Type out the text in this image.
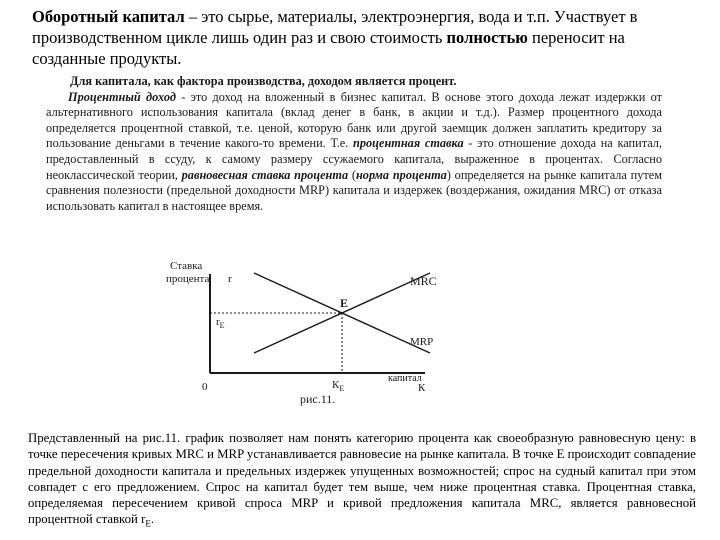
Оборотный капитал – это сырье, материалы, электроэнергия, вода и т.п. Участвует в производственном цикле лишь один раз и свою стоимость полностью переносит на созданные продукты.
Для капитала, как фактора производства, доходом является процент.
Процентный доход - это доход на вложенный в бизнес капитал. В основе этого дохода лежат издержки от альтернативного использования капитала (вклад денег в банк, в акции и т.д.). Размер процентного дохода определяется процентной ставкой, т.е. ценой, которую банк или другой заемщик должен заплатить кредитору за пользование деньгами в течение какого-то времени. Т.е. процентная ставка - это отношение дохода на капитал, предоставленный в ссуду, к самому размеру ссужаемого капитала, выраженное в процентах. Согласно неоклассической теории, равновесная ставка процента (норма процента) определяется на рынке капитала путем сравнения полезности (предельной доходности MRP) капитала и издержек (воздержания, ожидания MRC) от отказа использовать капитал в настоящее время.
Ставка
процента r
0
капитал
К
MRC
MRP
E
$r_E$
$К_Е$
рис.11.
Представленный на рис.11. график позволяет нам понять категорию процента как своеобразную равновесную цену: в точке пересечения кривых MRC и MRP устанавливается равновесие на рынке капитала. В точке Е происходит совпадение предельной доходности капитала и предельных издержек упущенных возможностей; спрос на судный капитал при этом совпадет с его предложением. Спрос на капитал будет тем выше, чем ниже процентная ставка. Процентная ставка, определяемая пересечением кривой спроса MRP и кривой предложения капитала MRC, является равновесной процентной ставкой $r_E$.
